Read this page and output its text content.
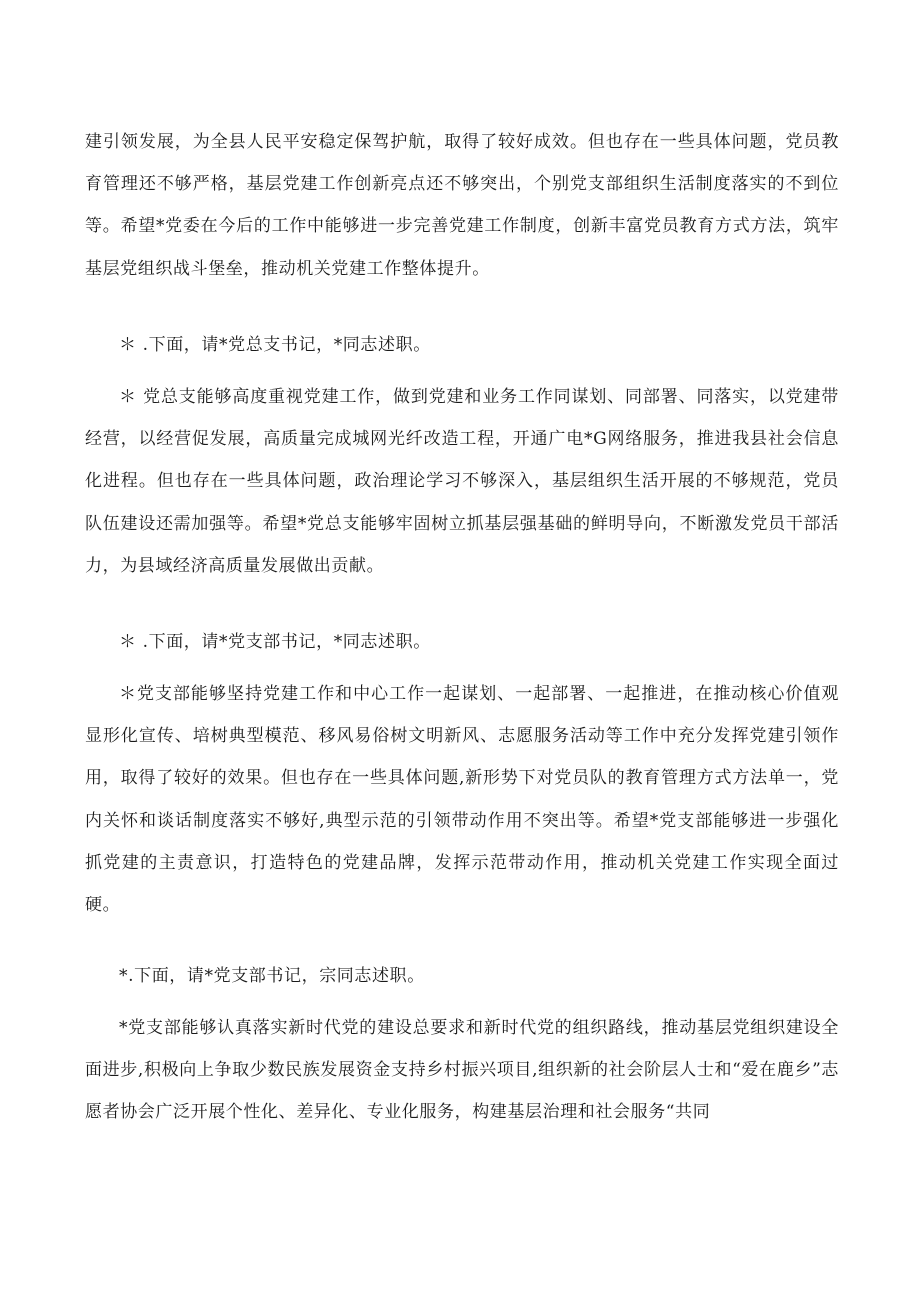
建引领发展，为全县人民平安稳定保驾护航，取得了较好成效。但也存在一些具体问题，党员教育管理还不够严格，基层党建工作创新亮点还不够突出，个别党支部组织生活制度落实的不到位等。希望*党委在今后的工作中能够进一步完善党建工作制度，创新丰富党员教育方式方法，筑牢基层党组织战斗堡垒，推动机关党建工作整体提升。

＊ .下面，请*党总支书记，*同志述职。

＊ 党总支能够高度重视党建工作，做到党建和业务工作同谋划、同部署、同落实，以党建带经营，以经营促发展，高质量完成城网光纤改造工程，开通广电*G网络服务，推进我县社会信息化进程。但也存在一些具体问题，政治理论学习不够深入，基层组织生活开展的不够规范，党员队伍建设还需加强等。希望*党总支能够牢固树立抓基层强基础的鲜明导向，不断激发党员干部活力，为县域经济高质量发展做出贡献。

＊ .下面，请*党支部书记，*同志述职。

＊党支部能够坚持党建工作和中心工作一起谋划、一起部署、一起推进，在推动核心价值观显形化宣传、培树典型模范、移风易俗树文明新风、志愿服务活动等工作中充分发挥党建引领作用，取得了较好的效果。但也存在一些具体问题,新形势下对党员队的教育管理方式方法单一，党内关怀和谈话制度落实不够好,典型示范的引领带动作用不突出等。希望*党支部能够进一步强化抓党建的主责意识，打造特色的党建品牌，发挥示范带动作用，推动机关党建工作实现全面过硬。

*.下面，请*党支部书记，宗同志述职。

*党支部能够认真落实新时代党的建设总要求和新时代党的组织路线，推动基层党组织建设全面进步,积极向上争取少数民族发展资金支持乡村振兴项目,组织新的社会阶层人士和“爱在鹿乡”志愿者协会广泛开展个性化、差异化、专业化服务，构建基层治理和社会服务“共同
